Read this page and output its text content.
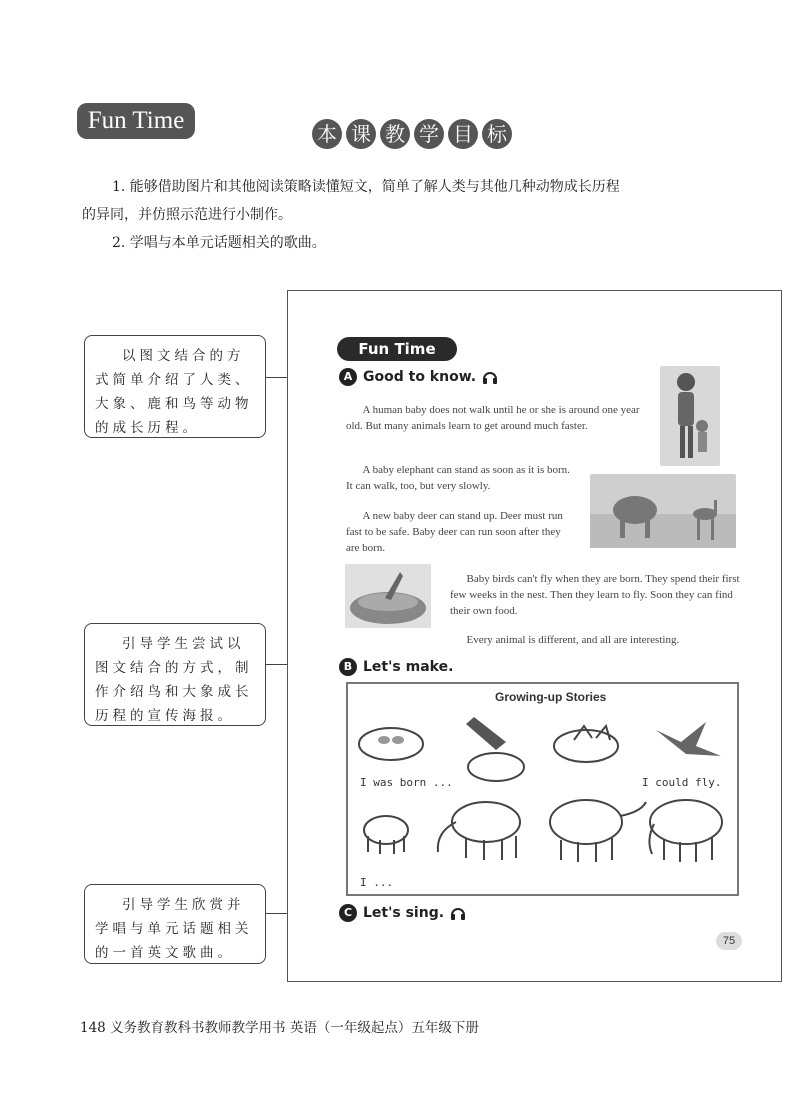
Fun Time	本 课 教 学 目 标
1. 能够借助图片和其他阅读策略读懂短文，简单了解人类与其他几种动物成长历程
的异同，并仿照示范进行小制作。
2. 学唱与本单元话题相关的歌曲。
以图文结合的方式简单介绍了人类、大象、鹿和鸟等动物的成长历程。
引导学生尝试以图文结合的方式，制作介绍鸟和大象成长历程的宣传海报。
引导学生欣赏并学唱与单元话题相关的一首英文歌曲。
Fun Time
A Good to know.
A human baby does not walk until he or she is around one year old. But many animals learn to get around much faster.
A baby elephant can stand as soon as it is born. It can walk, too, but very slowly.
A new baby deer can stand up. Deer must run fast to be safe. Baby deer can run soon after they are born.
Baby birds can't fly when they are born. They spend their first few weeks in the nest. Then they learn to fly. Soon they can find their own food.
Every animal is different, and all are interesting.
B Let's make.
Growing-up Stories
I was born ...	I could fly.
I ...
C Let's sing.
75
148 义务教育教科书教师教学用书 英语（一年级起点）五年级下册
